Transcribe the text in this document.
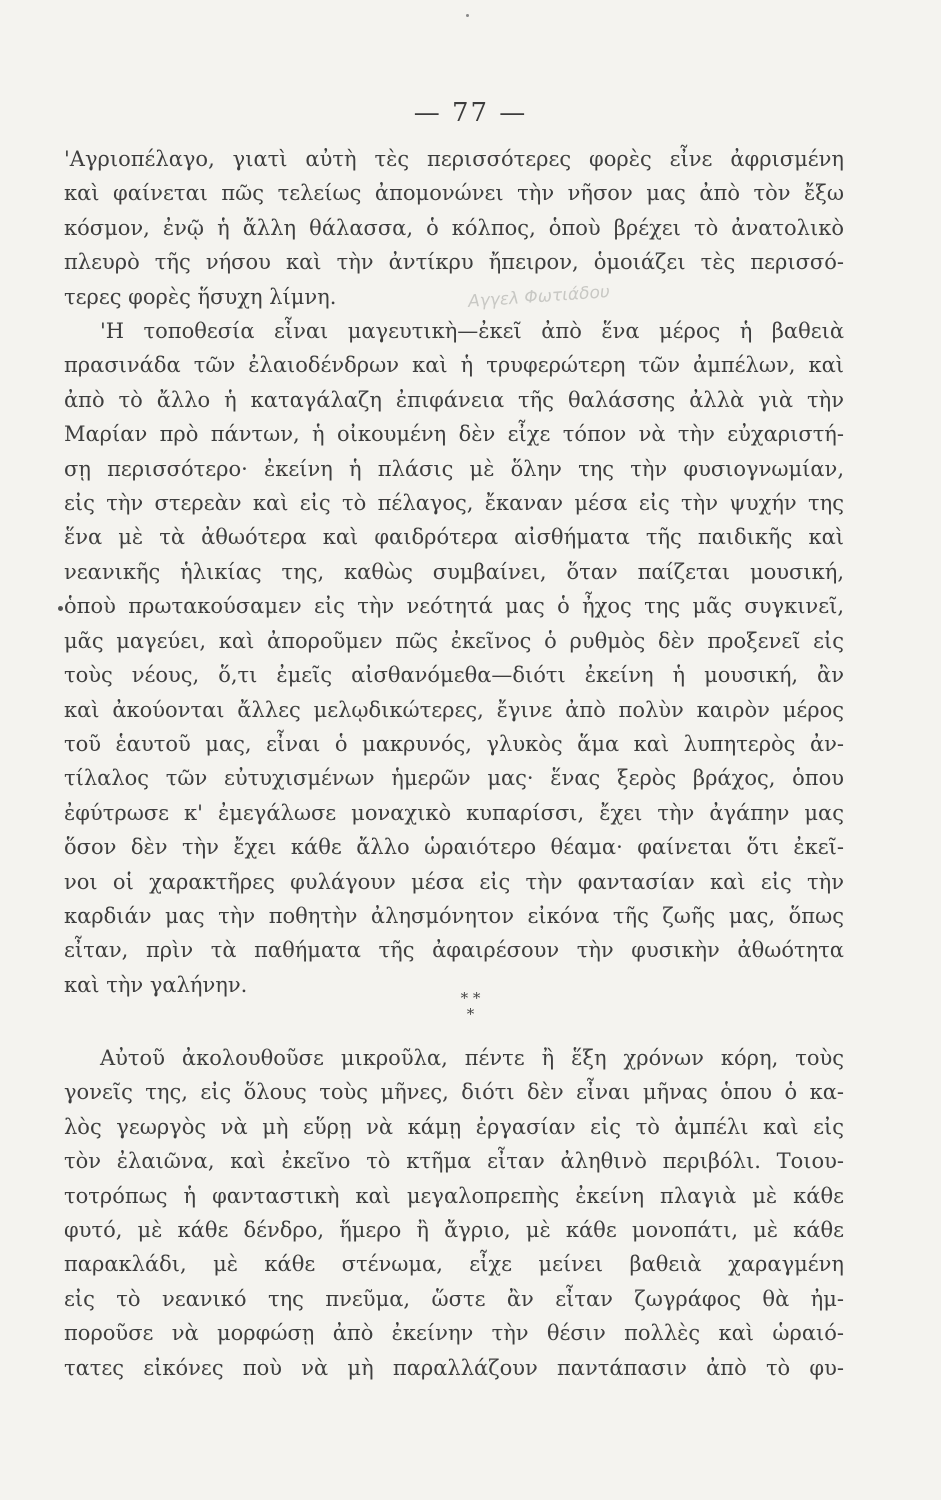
— 77 —
'Αγριοπέλαγο, γιατὶ αὐτὴ τὲς περισσότερες φορὲς εἶνε ἀφρισμένη
καὶ φαίνεται πῶς τελείως ἀπομονώνει τὴν νῆσον μας ἀπὸ τὸν ἔξω
κόσμον, ἐνῷ ἡ ἄλλη θάλασσα, ὁ κόλπος, ὁποὺ βρέχει τὸ ἀνατολικὸ
πλευρὸ τῆς νήσου καὶ τὴν ἀντίκρυ ἤπειρον, ὁμοιάζει τὲς περισσό-
τερες φορὲς ἥσυχη λίμνη.
'Η τοποθεσία εἶναι μαγευτικὴ—ἐκεῖ ἀπὸ ἕνα μέρος ἡ βαθειὰ
πρασινάδα τῶν ἐλαιοδένδρων καὶ ἡ τρυφερώτερη τῶν ἀμπέλων, καὶ
ἀπὸ τὸ ἄλλο ἡ καταγάλαζη ἐπιφάνεια τῆς θαλάσσης ἀλλὰ γιὰ τὴν
Μαρίαν πρὸ πάντων, ἡ οἰκουμένη δὲν εἶχε τόπον νὰ τὴν εὐχαριστή-
σῃ περισσότερο· ἐκείνη ἡ πλάσις μὲ ὅλην της τὴν φυσιογνωμίαν,
εἰς τὴν στερεὰν καὶ εἰς τὸ πέλαγος, ἔκαναν μέσα εἰς τὴν ψυχήν της
ἕνα μὲ τὰ ἀθωότερα καὶ φαιδρότερα αἰσθήματα τῆς παιδικῆς καὶ
νεανικῆς ἡλικίας της, καθὼς συμβαίνει, ὅταν παίζεται μουσική,
ὁποὺ πρωτακούσαμεν εἰς τὴν νεότητά μας ὁ ἦχος της μᾶς συγκινεῖ,
μᾶς μαγεύει, καὶ ἀποροῦμεν πῶς ἐκεῖνος ὁ ρυθμὸς δὲν προξενεῖ εἰς
τοὺς νέους, ὅ,τι ἐμεῖς αἰσθανόμεθα—διότι ἐκείνη ἡ μουσική, ἂν
καὶ ἀκούονται ἄλλες μελῳδικώτερες, ἔγινε ἀπὸ πολὺν καιρὸν μέρος
τοῦ ἑαυτοῦ μας, εἶναι ὁ μακρυνός, γλυκὸς ἅμα καὶ λυπητερὸς ἀν-
τίλαλος τῶν εὐτυχισμένων ἡμερῶν μας· ἕνας ξερὸς βράχος, ὁπου
ἐφύτρωσε κ' ἐμεγάλωσε μοναχικὸ κυπαρίσσι, ἔχει τὴν ἀγάπην μας
ὅσον δὲν τὴν ἔχει κάθε ἄλλο ὡραιότερο θέαμα· φαίνεται ὅτι ἐκεῖ-
νοι οἱ χαρακτῆρες φυλάγουν μέσα εἰς τὴν φαντασίαν καὶ εἰς τὴν
καρδιάν μας τὴν ποθητὴν ἀλησμόνητον εἰκόνα τῆς ζωῆς μας, ὅπως
εἶταν, πρὶν τὰ παθήματα τῆς ἀφαιρέσουν τὴν φυσικὴν ἀθωότητα
καὶ τὴν γαλήνην.
Αγγελ Φωτιάδου
* *
*
Αὐτοῦ ἀκολουθοῦσε μικροῦλα, πέντε ἢ ἕξη χρόνων κόρη, τοὺς
γονεῖς της, εἰς ὅλους τοὺς μῆνες, διότι δὲν εἶναι μῆνας ὁπου ὁ κα-
λὸς γεωργὸς νὰ μὴ εὕρῃ νὰ κάμῃ ἐργασίαν εἰς τὸ ἀμπέλι καὶ εἰς
τὸν ἐλαιῶνα, καὶ ἐκεῖνο τὸ κτῆμα εἶταν ἀληθινὸ περιβόλι. Τοιου-
τοτρόπως ἡ φανταστικὴ καὶ μεγαλοπρεπὴς ἐκείνη πλαγιὰ μὲ κάθε
φυτό, μὲ κάθε δένδρο, ἥμερο ἢ ἄγριο, μὲ κάθε μονοπάτι, μὲ κάθε
παρακλάδι, μὲ κάθε στένωμα, εἶχε μείνει βαθειὰ χαραγμένη
εἰς τὸ νεανικό της πνεῦμα, ὥστε ἂν εἶταν ζωγράφος θὰ ἠμ-
ποροῦσε νὰ μορφώσῃ ἀπὸ ἐκείνην τὴν θέσιν πολλὲς καὶ ὡραιό-
τατες εἰκόνες ποὺ νὰ μὴ παραλλάζουν παντάπασιν ἀπὸ τὸ φυ-
